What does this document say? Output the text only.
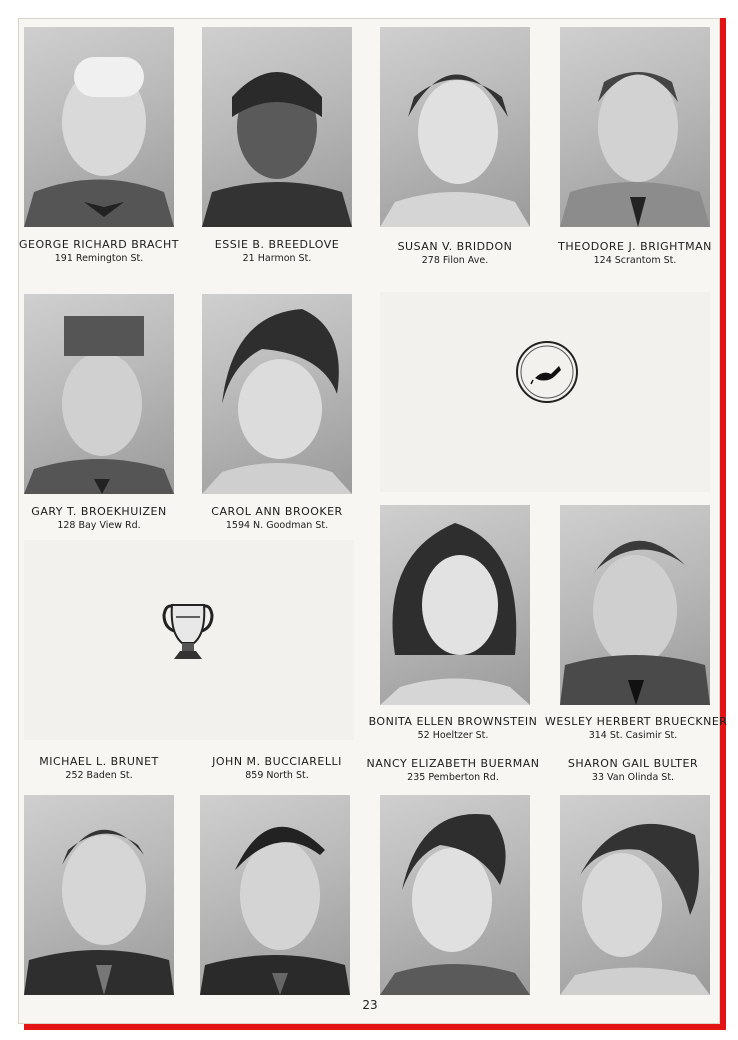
GEORGE RICHARD BRACHT
191 Remington St.
ESSIE B. BREEDLOVE
21 Harmon St.
SUSAN V. BRIDDON
278 Filon Ave.
THEODORE J. BRIGHTMAN
124 Scrantom St.
GARY T. BROEKHUIZEN
128 Bay View Rd.
CAROL ANN BROOKER
1594 N. Goodman St.
BONITA ELLEN BROWNSTEIN
52 Hoeltzer St.
WESLEY HERBERT BRUECKNER
314 St. Casimir St.
MICHAEL L. BRUNET
252 Baden St.
JOHN M. BUCCIARELLI
859 North St.
NANCY ELIZABETH BUERMAN
235 Pemberton Rd.
SHARON GAIL BULTER
33 Van Olinda St.
23
